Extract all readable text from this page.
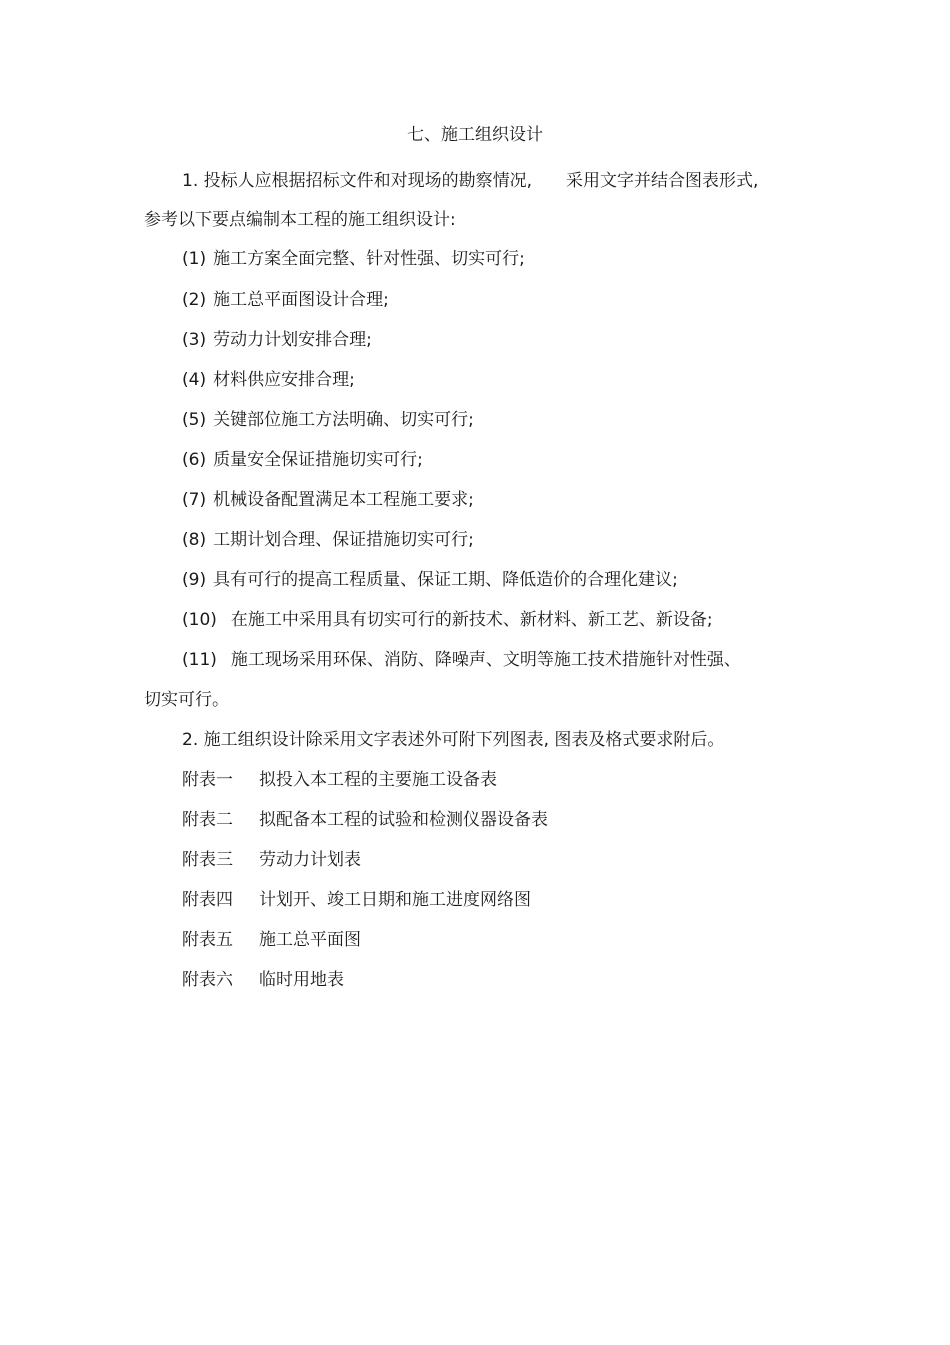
七、施工组织设计
1. 投标人应根据招标文件和对现场的勘察情况, 采用文字并结合图表形式,
参考以下要点编制本工程的施工组织设计:
(1) 施工方案全面完整、针对性强、切实可行;
(2) 施工总平面图设计合理;
(3) 劳动力计划安排合理;
(4) 材料供应安排合理;
(5) 关键部位施工方法明确、切实可行;
(6) 质量安全保证措施切实可行;
(7) 机械设备配置满足本工程施工要求;
(8) 工期计划合理、保证措施切实可行;
(9) 具有可行的提高工程质量、保证工期、降低造价的合理化建议;
(10) 在施工中采用具有切实可行的新技术、新材料、新工艺、新设备;
(11) 施工现场采用环保、消防、降噪声、文明等施工技术措施针对性强、
切实可行。
2. 施工组织设计除采用文字表述外可附下列图表, 图表及格式要求附后。
附表一 拟投入本工程的主要施工设备表
附表二 拟配备本工程的试验和检测仪器设备表
附表三 劳动力计划表
附表四 计划开、竣工日期和施工进度网络图
附表五 施工总平面图
附表六 临时用地表
